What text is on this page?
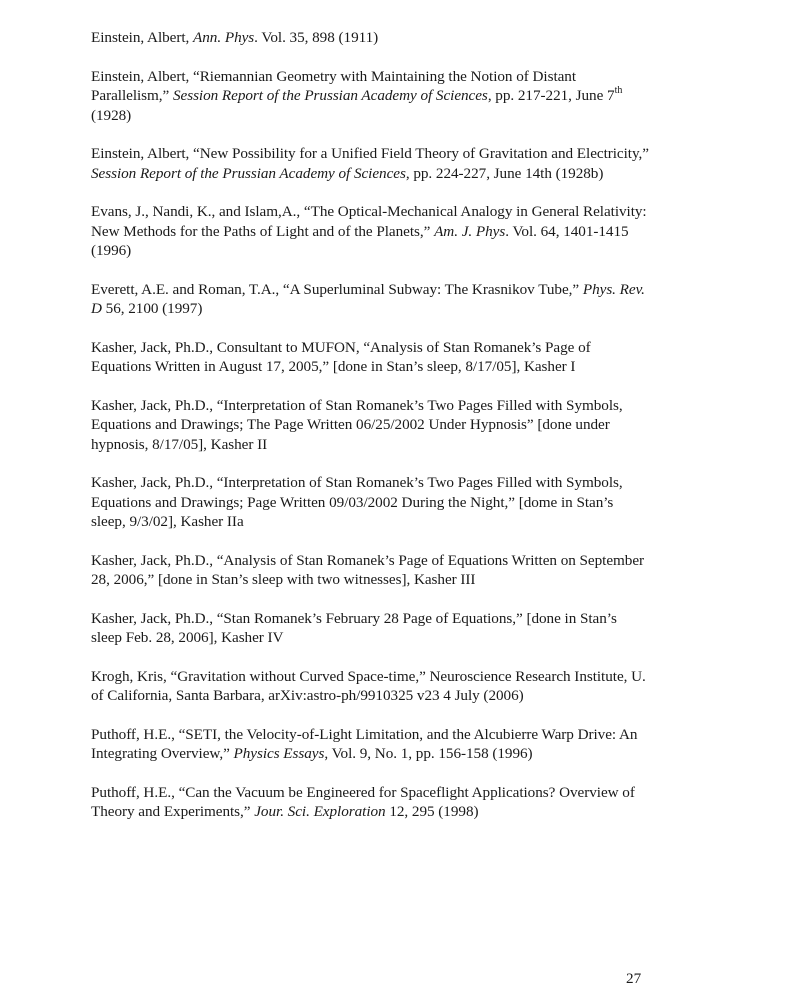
Einstein, Albert, Ann. Phys. Vol. 35, 898 (1911)
Einstein, Albert, “Riemannian Geometry with Maintaining the Notion of Distant Parallelism,” Session Report of the Prussian Academy of Sciences, pp. 217-221, June 7th (1928)
Einstein, Albert, “New Possibility for a Unified Field Theory of Gravitation and Electricity,” Session Report of the Prussian Academy of Sciences, pp. 224-227, June 14th (1928b)
Evans, J., Nandi, K., and Islam,A., “The Optical-Mechanical Analogy in General Relativity: New Methods for the Paths of Light and of the Planets,” Am. J. Phys. Vol. 64, 1401-1415 (1996)
Everett, A.E. and Roman, T.A., “A Superluminal Subway: The Krasnikov Tube,” Phys. Rev. D 56, 2100 (1997)
Kasher, Jack, Ph.D., Consultant to MUFON, “Analysis of Stan Romanek’s Page of Equations Written in August 17, 2005,” [done in Stan’s sleep, 8/17/05], Kasher I
Kasher, Jack, Ph.D., “Interpretation of Stan Romanek’s Two Pages Filled with Symbols, Equations and Drawings; The Page Written 06/25/2002 Under Hypnosis” [done under hypnosis, 8/17/05], Kasher II
Kasher, Jack, Ph.D., “Interpretation of Stan Romanek’s Two Pages Filled with Symbols, Equations and Drawings; Page Written 09/03/2002 During the Night,” [dome in Stan’s sleep, 9/3/02], Kasher IIa
Kasher, Jack, Ph.D., “Analysis of Stan Romanek’s Page of Equations Written on September 28, 2006,” [done in Stan’s sleep with two witnesses], Kasher III
Kasher, Jack, Ph.D., “Stan Romanek’s February 28 Page of Equations,” [done in Stan’s sleep Feb. 28, 2006], Kasher IV
Krogh, Kris, “Gravitation without Curved Space-time,” Neuroscience Research Institute, U. of California, Santa Barbara, arXiv:astro-ph/9910325 v23 4 July (2006)
Puthoff, H.E., “SETI, the Velocity-of-Light Limitation, and the Alcubierre Warp Drive: An Integrating Overview,” Physics Essays, Vol. 9, No. 1, pp. 156-158 (1996)
Puthoff, H.E., “Can the Vacuum be Engineered for Spaceflight Applications? Overview of Theory and Experiments,” Jour. Sci. Exploration 12, 295 (1998)
27
